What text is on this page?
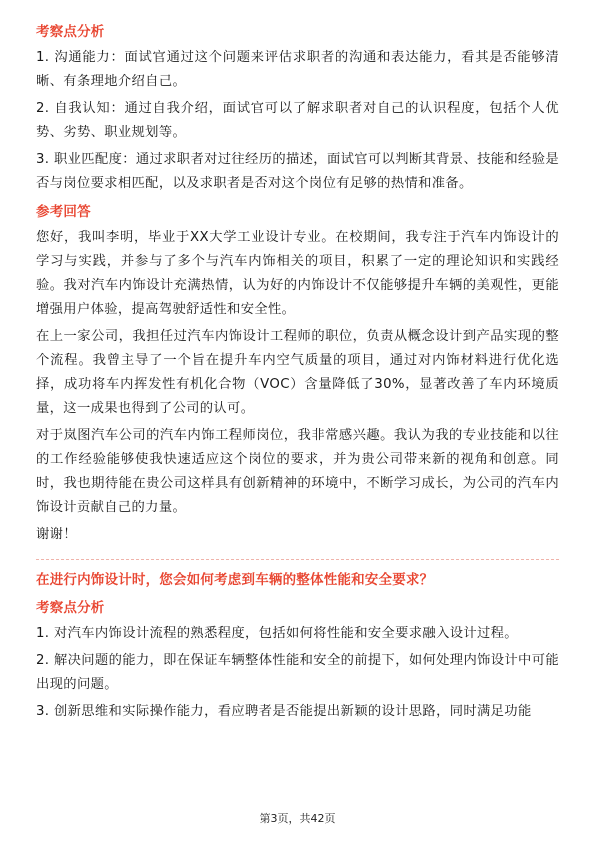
考察点分析

1. 沟通能力：面试官通过这个问题来评估求职者的沟通和表达能力，看其是否能够清晰、有条理地介绍自己。

2. 自我认知：通过自我介绍，面试官可以了解求职者对自己的认识程度，包括个人优势、劣势、职业规划等。

3. 职业匹配度：通过求职者对过往经历的描述，面试官可以判断其背景、技能和经验是否与岗位要求相匹配，以及求职者是否对这个岗位有足够的热情和准备。

参考回答

您好，我叫李明，毕业于XX大学工业设计专业。在校期间，我专注于汽车内饰设计的学习与实践，并参与了多个与汽车内饰相关的项目，积累了一定的理论知识和实践经验。我对汽车内饰设计充满热情，认为好的内饰设计不仅能够提升车辆的美观性，更能增强用户体验，提高驾驶舒适性和安全性。

在上一家公司，我担任过汽车内饰设计工程师的职位，负责从概念设计到产品实现的整个流程。我曾主导了一个旨在提升车内空气质量的项目，通过对内饰材料进行优化选择，成功将车内挥发性有机化合物（VOC）含量降低了30%，显著改善了车内环境质量，这一成果也得到了公司的认可。

对于岚图汽车公司的汽车内饰工程师岗位，我非常感兴趣。我认为我的专业技能和以往的工作经验能够使我快速适应这个岗位的要求，并为贵公司带来新的视角和创意。同时，我也期待能在贵公司这样具有创新精神的环境中，不断学习成长，为公司的汽车内饰设计贡献自己的力量。

谢谢！

在进行内饰设计时，您会如何考虑到车辆的整体性能和安全要求？

考察点分析

1. 对汽车内饰设计流程的熟悉程度，包括如何将性能和安全要求融入设计过程。

2. 解决问题的能力，即在保证车辆整体性能和安全的前提下，如何处理内饰设计中可能出现的问题。

3. 创新思维和实际操作能力，看应聘者是否能提出新颖的设计思路，同时满足功能

第3页，共42页
